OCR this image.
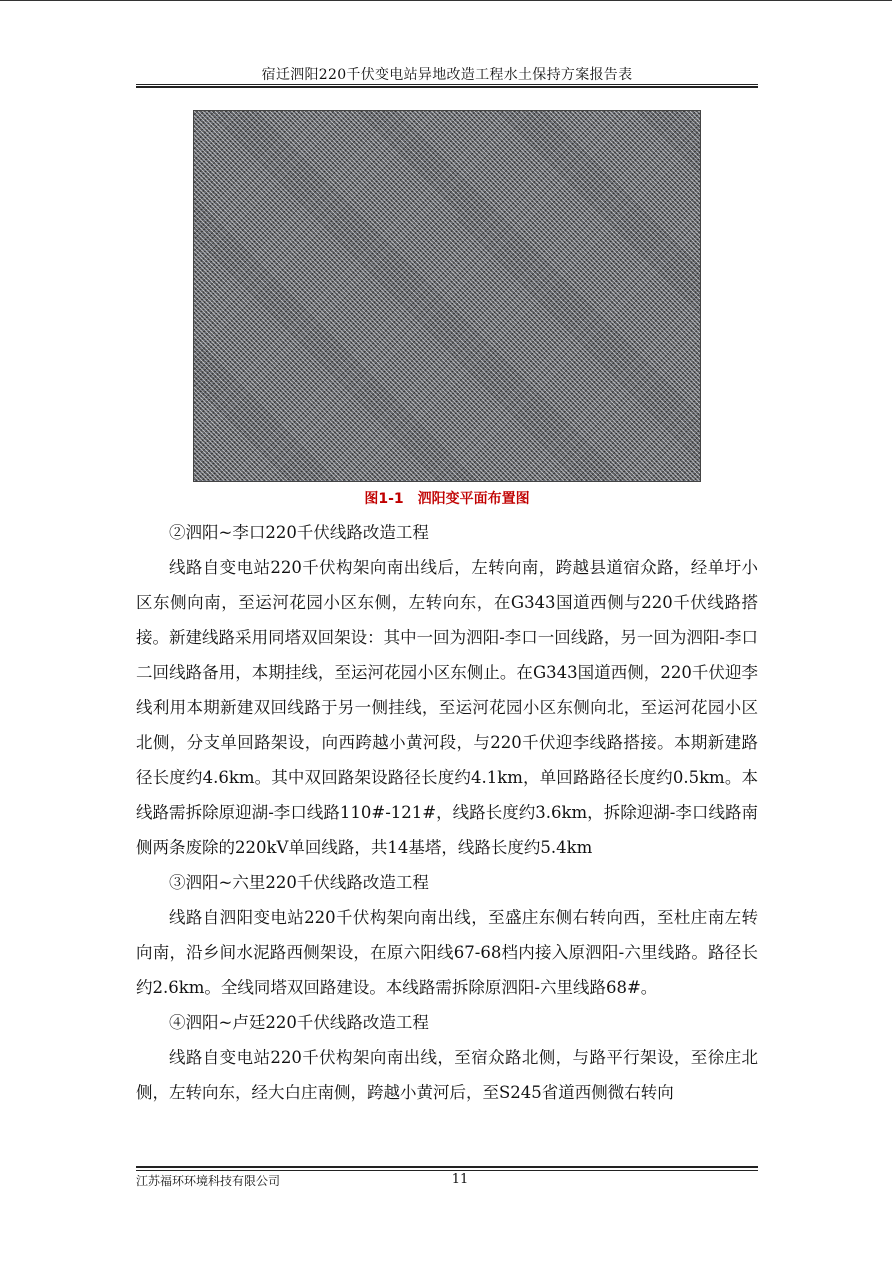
宿迁泗阳220千伏变电站异地改造工程水土保持方案报告表
图1-1　泗阳变平面布置图

②泗阳~李口220千伏线路改造工程

线路自变电站220千伏构架向南出线后，左转向南，跨越县道宿众路，经单圩小区东侧向南，至运河花园小区东侧，左转向东，在G343国道西侧与220千伏线路搭接。新建线路采用同塔双回架设：其中一回为泗阳-李口一回线路，另一回为泗阳-李口二回线路备用，本期挂线，至运河花园小区东侧止。在G343国道西侧，220千伏迎李线利用本期新建双回线路于另一侧挂线，至运河花园小区东侧向北，至运河花园小区北侧，分支单回路架设，向西跨越小黄河段，与220千伏迎李线路搭接。本期新建路径长度约4.6km。其中双回路架设路径长度约4.1km，单回路路径长度约0.5km。本线路需拆除原迎湖-李口线路110#-121#，线路长度约3.6km，拆除迎湖-李口线路南侧两条废除的220kV单回线路，共14基塔，线路长度约5.4km

③泗阳~六里220千伏线路改造工程

线路自泗阳变电站220千伏构架向南出线，至盛庄东侧右转向西，至杜庄南左转向南，沿乡间水泥路西侧架设，在原六阳线67-68档内接入原泗阳-六里线路。路径长约2.6km。全线同塔双回路建设。本线路需拆除原泗阳-六里线路68#。

④泗阳~卢廷220千伏线路改造工程

线路自变电站220千伏构架向南出线，至宿众路北侧，与路平行架设，至徐庄北侧，左转向东，经大白庄南侧，跨越小黄河后，至S245省道西侧微右转向

江苏福环环境科技有限公司	11
